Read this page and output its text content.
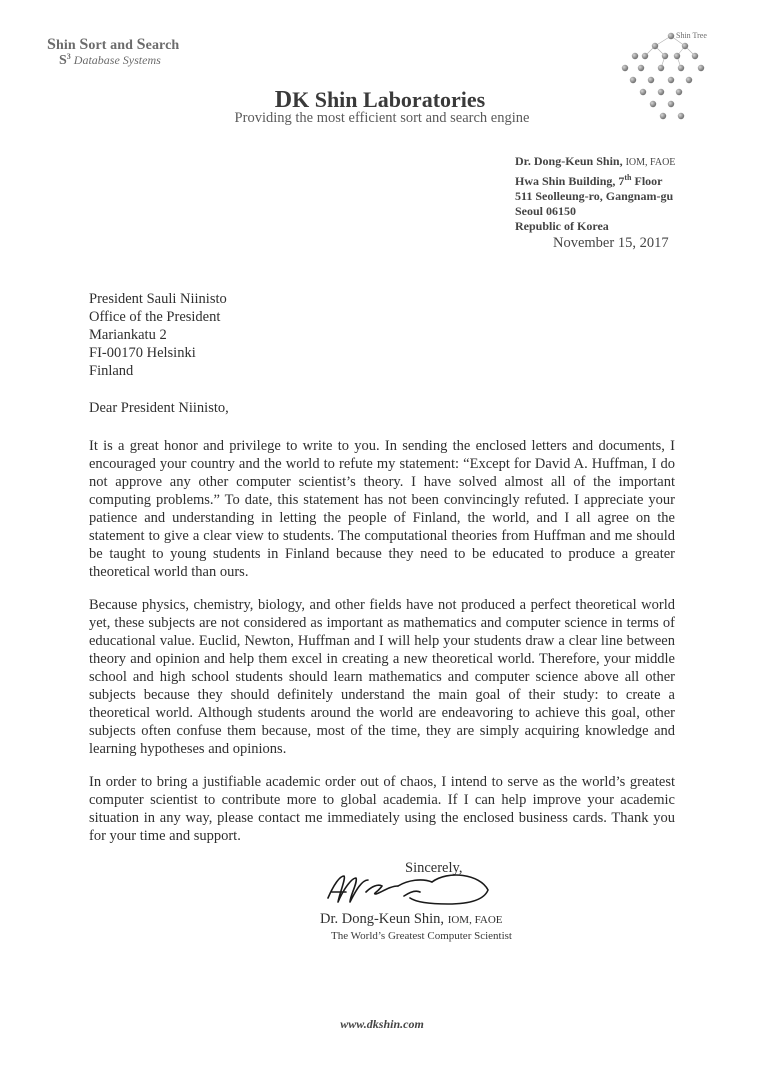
Shin Sort and Search
$S^3$ Database Systems
Shin Tree
DK Shin Laboratories
Providing the most efficient sort and search engine
Dr. Dong-Keun Shin, IOM, FAOE
Hwa Shin Building, 7th Floor
511 Seolleung-ro, Gangnam-gu
Seoul 06150
Republic of Korea
November 15, 2017
President Sauli Niinisto
Office of the President
Mariankatu 2
FI-00170 Helsinki
Finland
Dear President Niinisto,
It is a great honor and privilege to write to you. In sending the enclosed letters and documents, I encouraged your country and the world to refute my statement: “Except for David A. Huffman, I do not approve any other computer scientist’s theory. I have solved almost all of the important computing problems.” To date, this statement has not been convincingly refuted. I appreciate your patience and understanding in letting the people of Finland, the world, and I all agree on the statement to give a clear view to students. The computational theories from Huffman and me should be taught to young students in Finland because they need to be educated to produce a greater theoretical world than ours.
Because physics, chemistry, biology, and other fields have not produced a perfect theoretical world yet, these subjects are not considered as important as mathematics and computer science in terms of educational value. Euclid, Newton, Huffman and I will help your students draw a clear line between theory and opinion and help them excel in creating a new theoretical world. Therefore, your middle school and high school students should learn mathematics and computer science above all other subjects because they should definitely understand the main goal of their study: to create a theoretical world. Although students around the world are endeavoring to achieve this goal, other subjects often confuse them because, most of the time, they are simply acquiring knowledge and learning hypotheses and opinions.
In order to bring a justifiable academic order out of chaos, I intend to serve as the world’s greatest computer scientist to contribute more to global academia. If I can help improve your academic situation in any way, please contact me immediately using the enclosed business cards. Thank you for your time and support.
Sincerely,
Dr. Dong-Keun Shin, IOM, FAOE
The World’s Greatest Computer Scientist
www.dkshin.com
